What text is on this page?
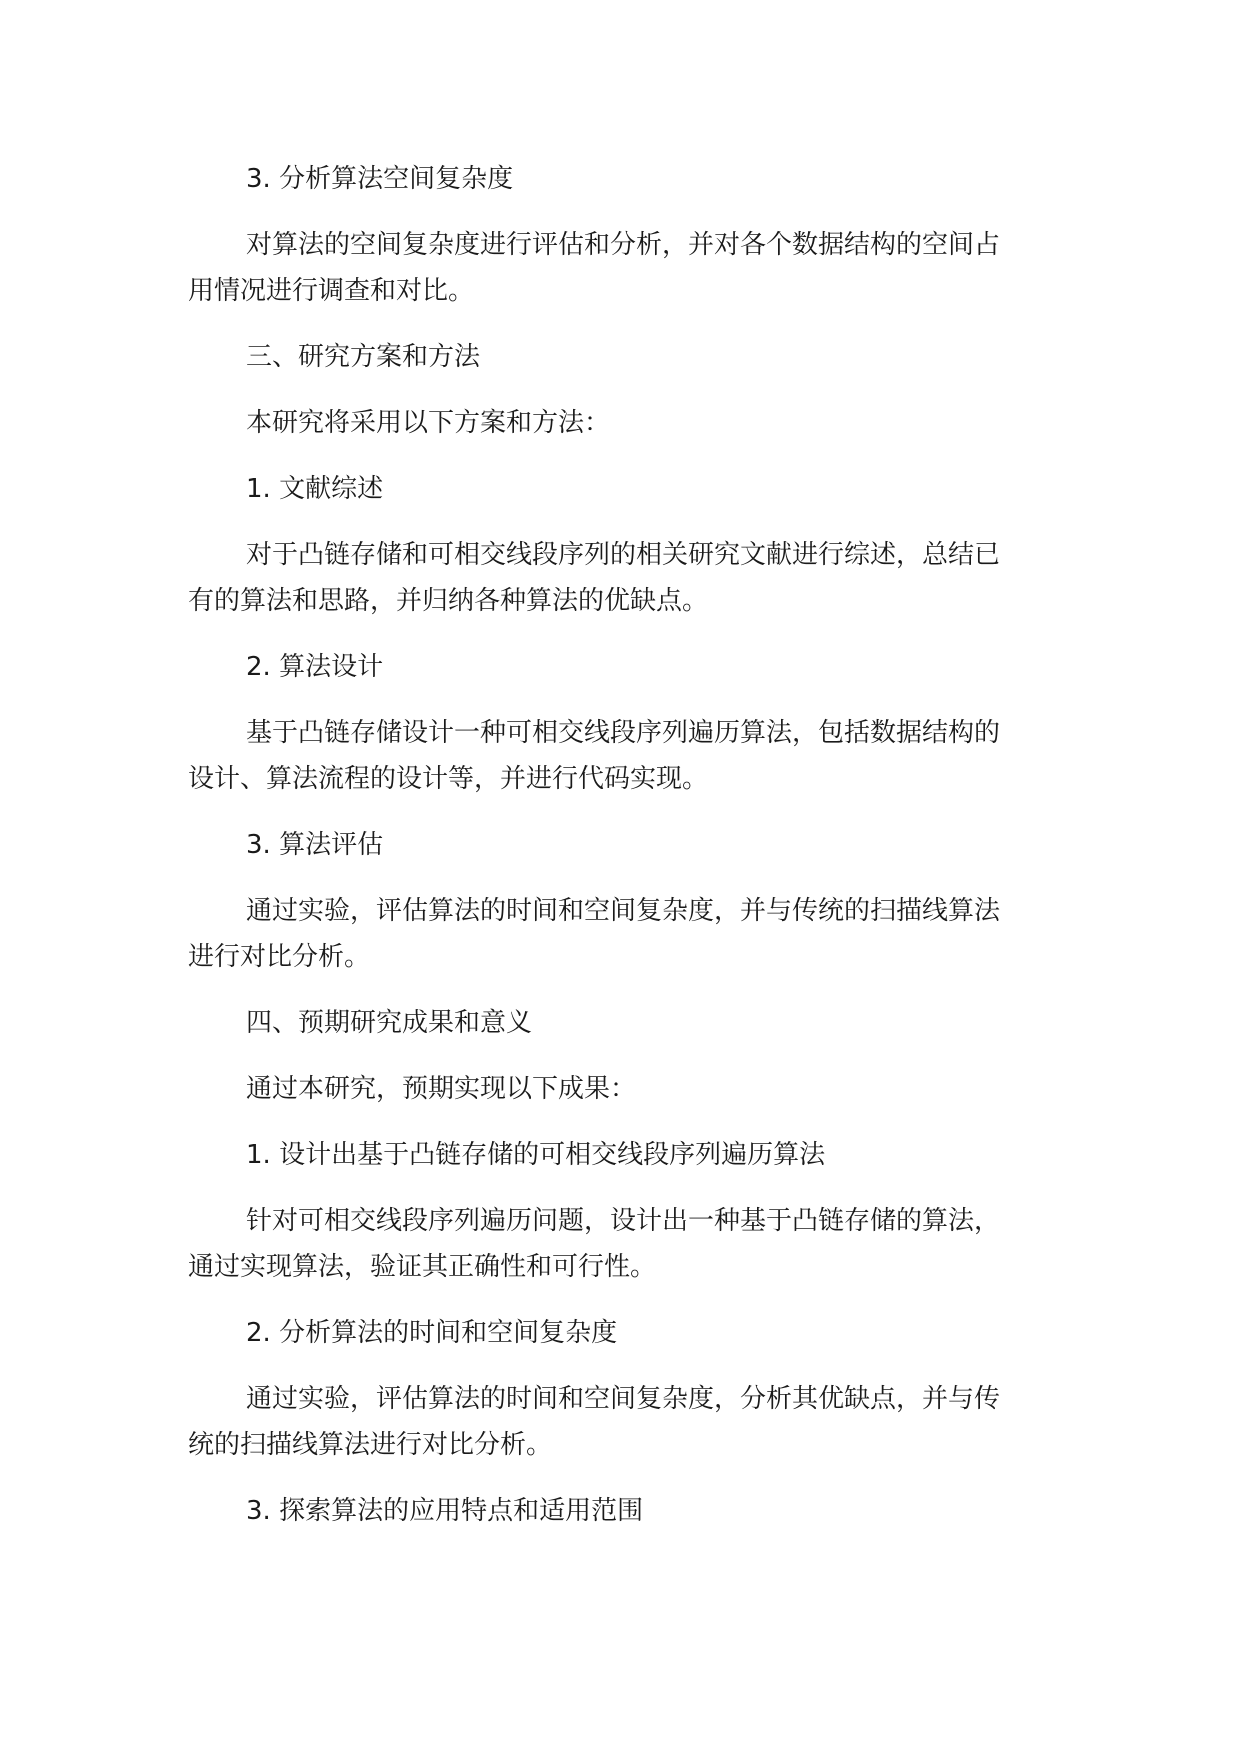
3. 分析算法空间复杂度

对算法的空间复杂度进行评估和分析，并对各个数据结构的空间占

用情况进行调查和对比。

三、研究方案和方法

本研究将采用以下方案和方法：

1. 文献综述

对于凸链存储和可相交线段序列的相关研究文献进行综述，总结已

有的算法和思路，并归纳各种算法的优缺点。

2. 算法设计

基于凸链存储设计一种可相交线段序列遍历算法，包括数据结构的

设计、算法流程的设计等，并进行代码实现。

3. 算法评估

通过实验，评估算法的时间和空间复杂度，并与传统的扫描线算法

进行对比分析。

四、预期研究成果和意义

通过本研究，预期实现以下成果：

1. 设计出基于凸链存储的可相交线段序列遍历算法

针对可相交线段序列遍历问题，设计出一种基于凸链存储的算法，

通过实现算法，验证其正确性和可行性。

2. 分析算法的时间和空间复杂度

通过实验，评估算法的时间和空间复杂度，分析其优缺点，并与传

统的扫描线算法进行对比分析。

3. 探索算法的应用特点和适用范围
